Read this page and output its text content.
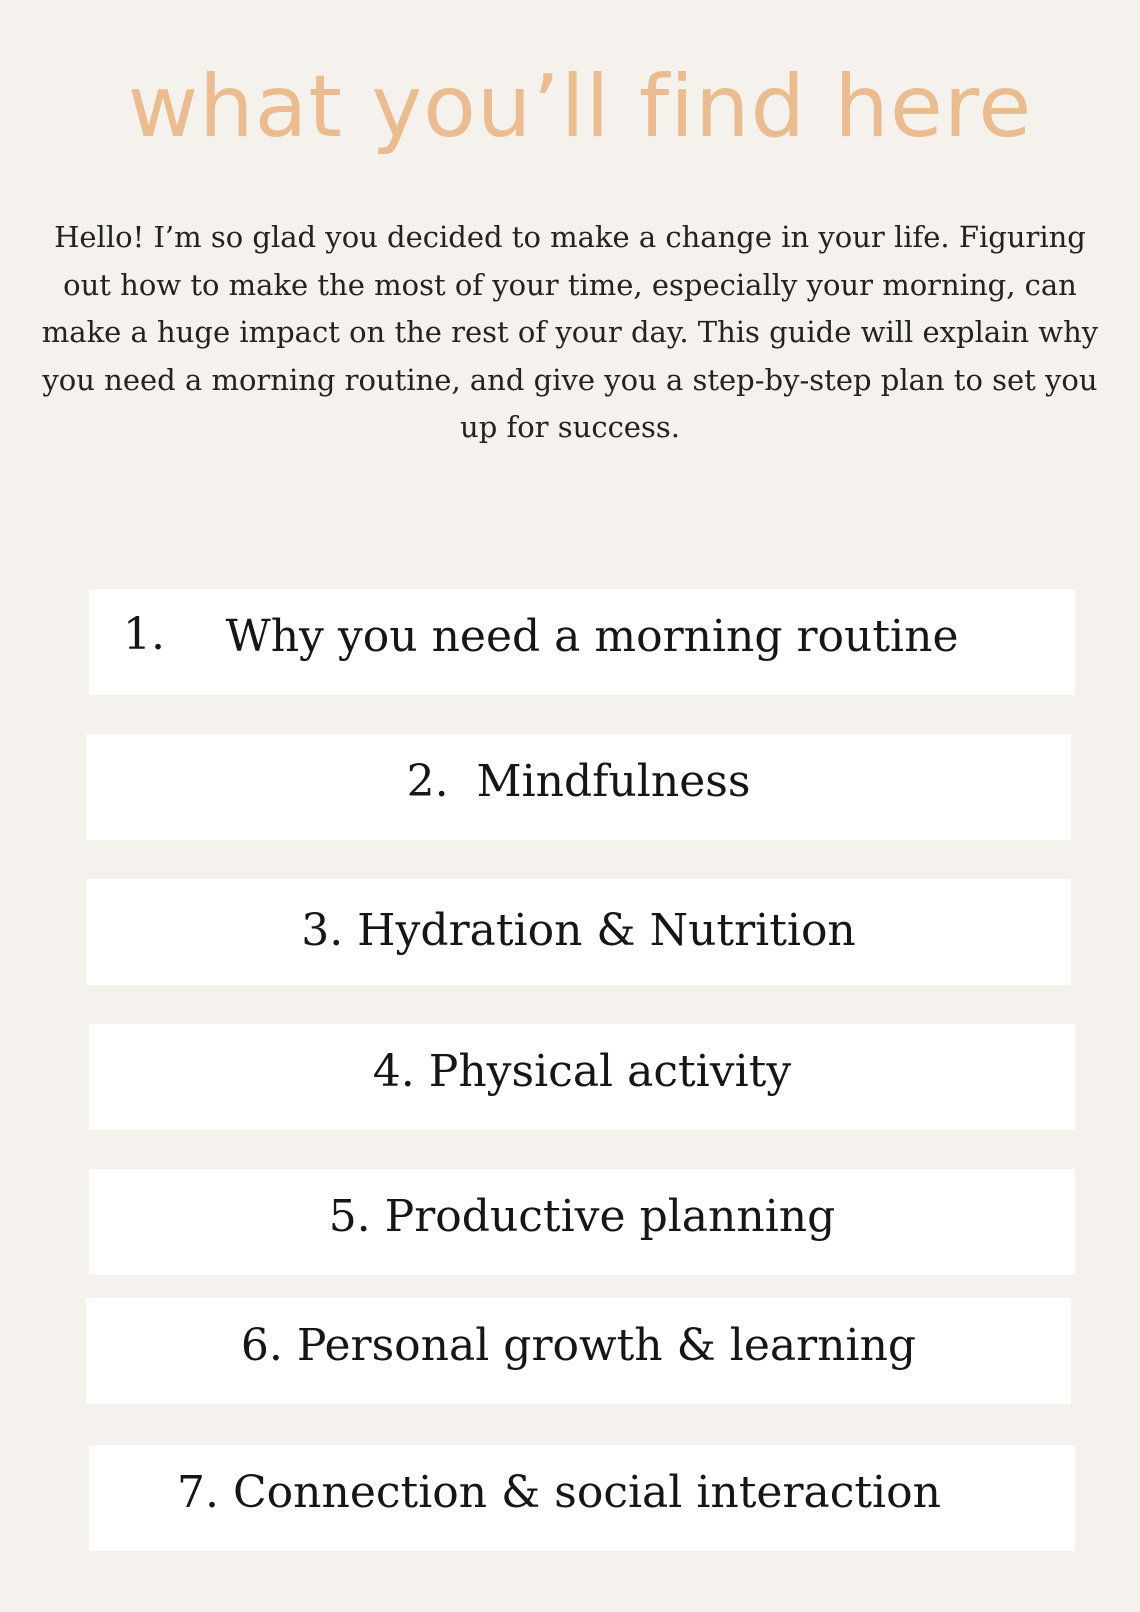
what you’ll find here

Hello! I’m so glad you decided to make a change in your life. Figuring out how to make the most of your time, especially your morning, can make a huge impact on the rest of your day. This guide will explain why you need a morning routine, and give you a step-by-step plan to set you up for success.

1. Why you need a morning routine
2.  Mindfulness
3. Hydration & Nutrition
4. Physical activity
5. Productive planning
6. Personal growth & learning
7. Connection & social interaction
